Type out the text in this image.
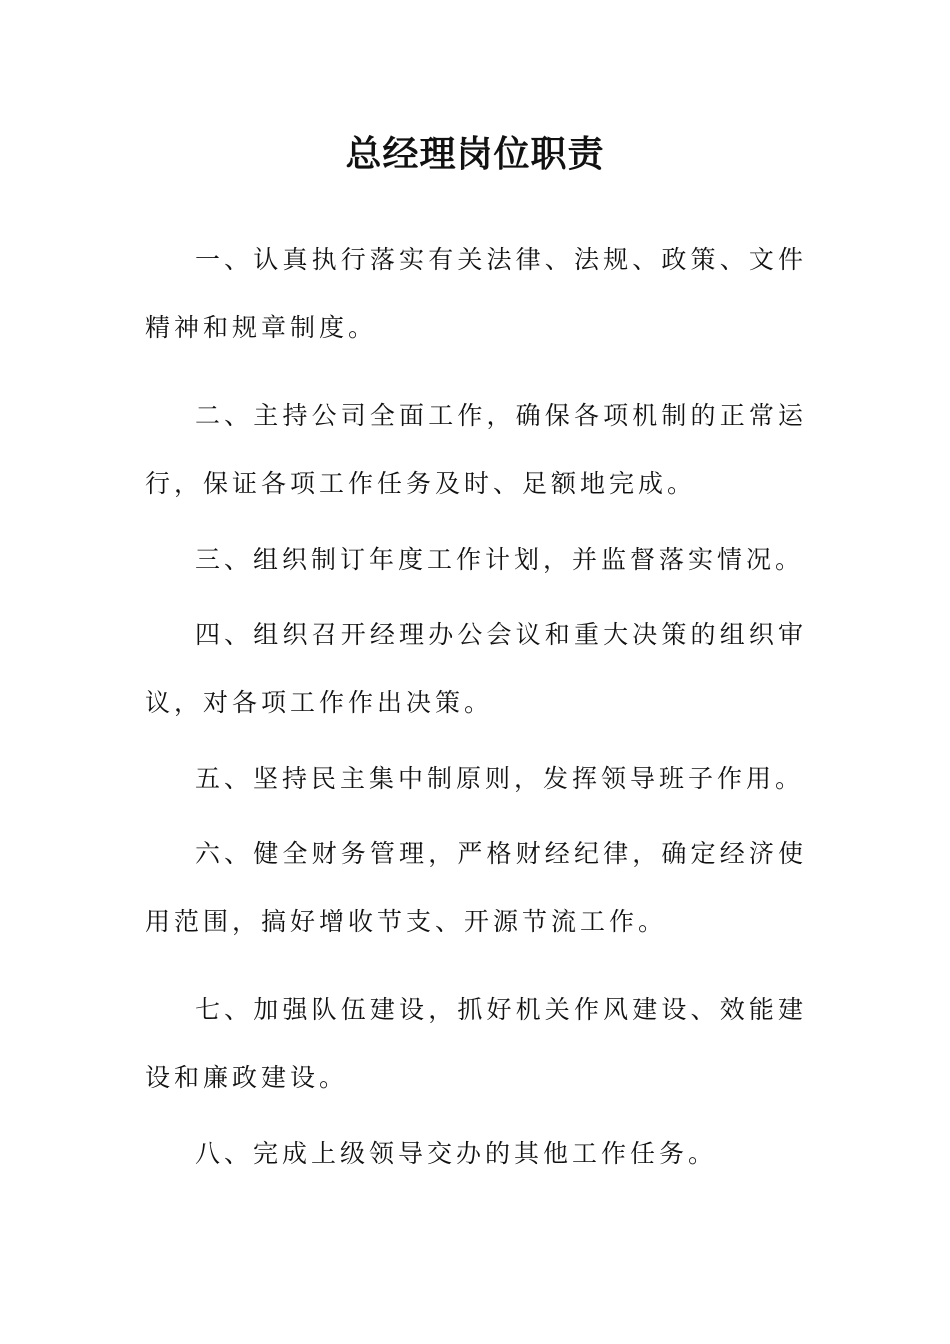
总经理岗位职责

一、认真执行落实有关法律、法规、政策、文件精神和规章制度。

二、主持公司全面工作，确保各项机制的正常运行，保证各项工作任务及时、足额地完成。

三、组织制订年度工作计划，并监督落实情况。

四、组织召开经理办公会议和重大决策的组织审议，对各项工作作出决策。

五、坚持民主集中制原则，发挥领导班子作用。

六、健全财务管理，严格财经纪律，确定经济使用范围，搞好增收节支、开源节流工作。

七、加强队伍建设，抓好机关作风建设、效能建设和廉政建设。

八、完成上级领导交办的其他工作任务。
